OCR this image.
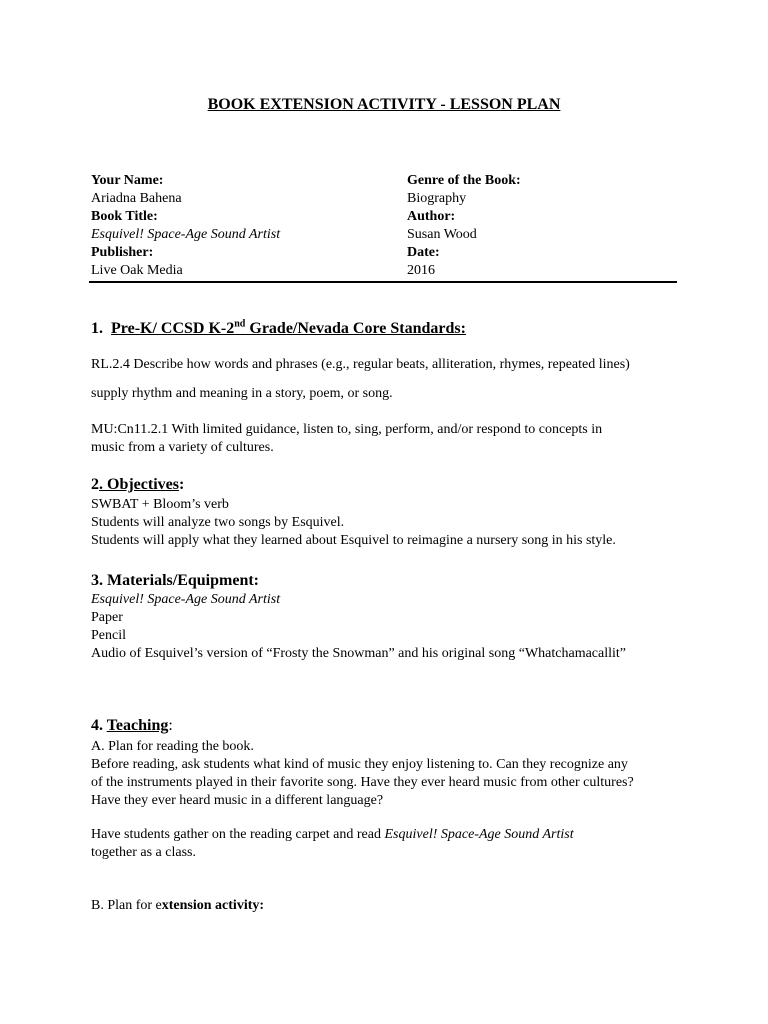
BOOK EXTENSION ACTIVITY - LESSON PLAN
Your Name:
Ariadna Bahena
Book Title:
Esquivel! Space-Age Sound Artist
Publisher:
Live Oak Media
Genre of the Book:
Biography
Author:
Susan Wood
Date:
2016
1. Pre-K/ CCSD K-2nd Grade/Nevada Core Standards:
RL.2.4 Describe how words and phrases (e.g., regular beats, alliteration, rhymes, repeated lines)
supply rhythm and meaning in a story, poem, or song.
MU:Cn11.2.1 With limited guidance, listen to, sing, perform, and/or respond to concepts in
music from a variety of cultures.
2. Objectives:
SWBAT + Bloom’s verb
Students will analyze two songs by Esquivel.
Students will apply what they learned about Esquivel to reimagine a nursery song in his style.
3. Materials/Equipment:
Esquivel! Space-Age Sound Artist
Paper
Pencil
Audio of Esquivel’s version of “Frosty the Snowman” and his original song “Whatchamacallit”
4. Teaching:
A. Plan for reading the book.
Before reading, ask students what kind of music they enjoy listening to. Can they recognize any
of the instruments played in their favorite song. Have they ever heard music from other cultures?
Have they ever heard music in a different language?
Have students gather on the reading carpet and read Esquivel! Space-Age Sound Artist
together as a class.
B. Plan for extension activity:
